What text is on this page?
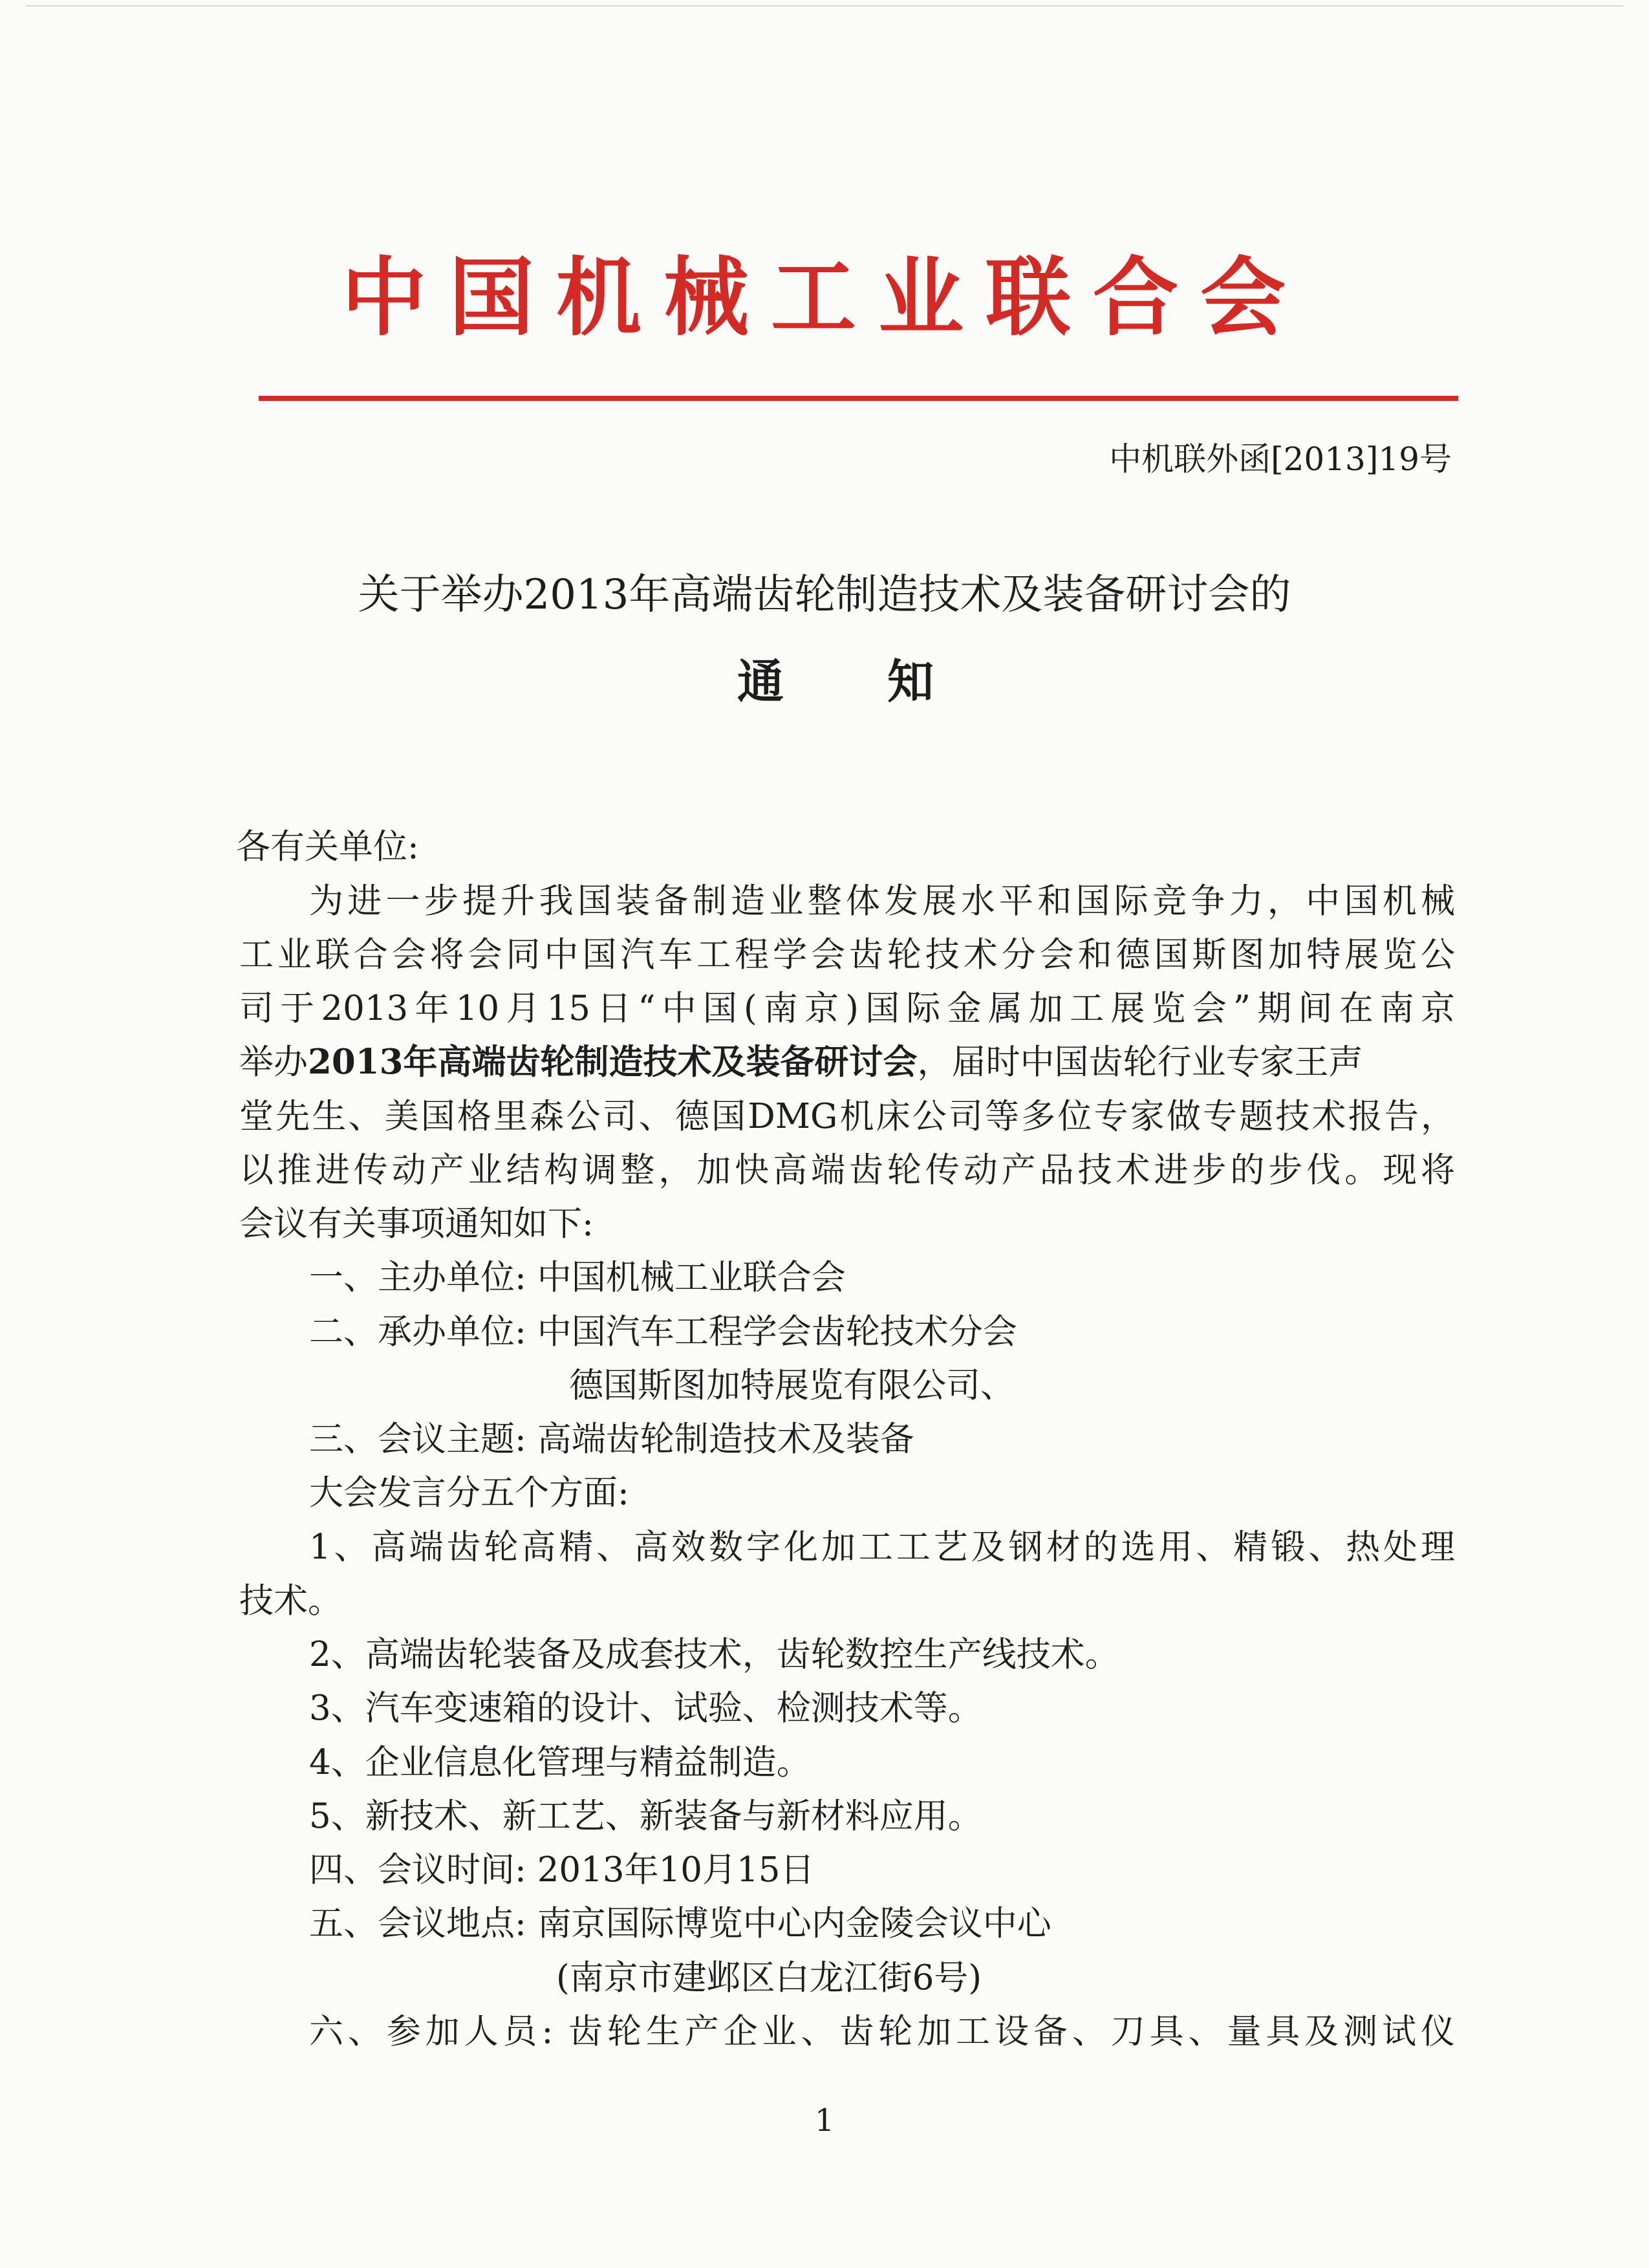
中国机械工业联合会
中机联外函[2013]19号
关于举办2013年高端齿轮制造技术及装备研讨会的
通知
各有关单位:
为进一步提升我国装备制造业整体发展水平和国际竞争力，中国机械
工业联合会将会同中国汽车工程学会齿轮技术分会和德国斯图加特展览公
司于2013年10月15日“中国(南京)国际金属加工展览会”期间在南京
举办2013年高端齿轮制造技术及装备研讨会，届时中国齿轮行业专家王声
堂先生、美国格里森公司、德国DMG机床公司等多位专家做专题技术报告，
以推进传动产业结构调整，加快高端齿轮传动产品技术进步的步伐。现将
会议有关事项通知如下:
一、主办单位: 中国机械工业联合会
二、承办单位: 中国汽车工程学会齿轮技术分会
德国斯图加特展览有限公司、
三、会议主题: 高端齿轮制造技术及装备
大会发言分五个方面:
1、高端齿轮高精、高效数字化加工工艺及钢材的选用、精锻、热处理
技术。
2、高端齿轮装备及成套技术，齿轮数控生产线技术。
3、汽车变速箱的设计、试验、检测技术等。
4、企业信息化管理与精益制造。
5、新技术、新工艺、新装备与新材料应用。
1
四、会议时间: 2013年10月15日
五、会议地点: 南京国际博览中心内金陵会议中心
(南京市建邺区白龙江街6号)
六、参加人员: 齿轮生产企业、齿轮加工设备、刀具、量具及测试仪
